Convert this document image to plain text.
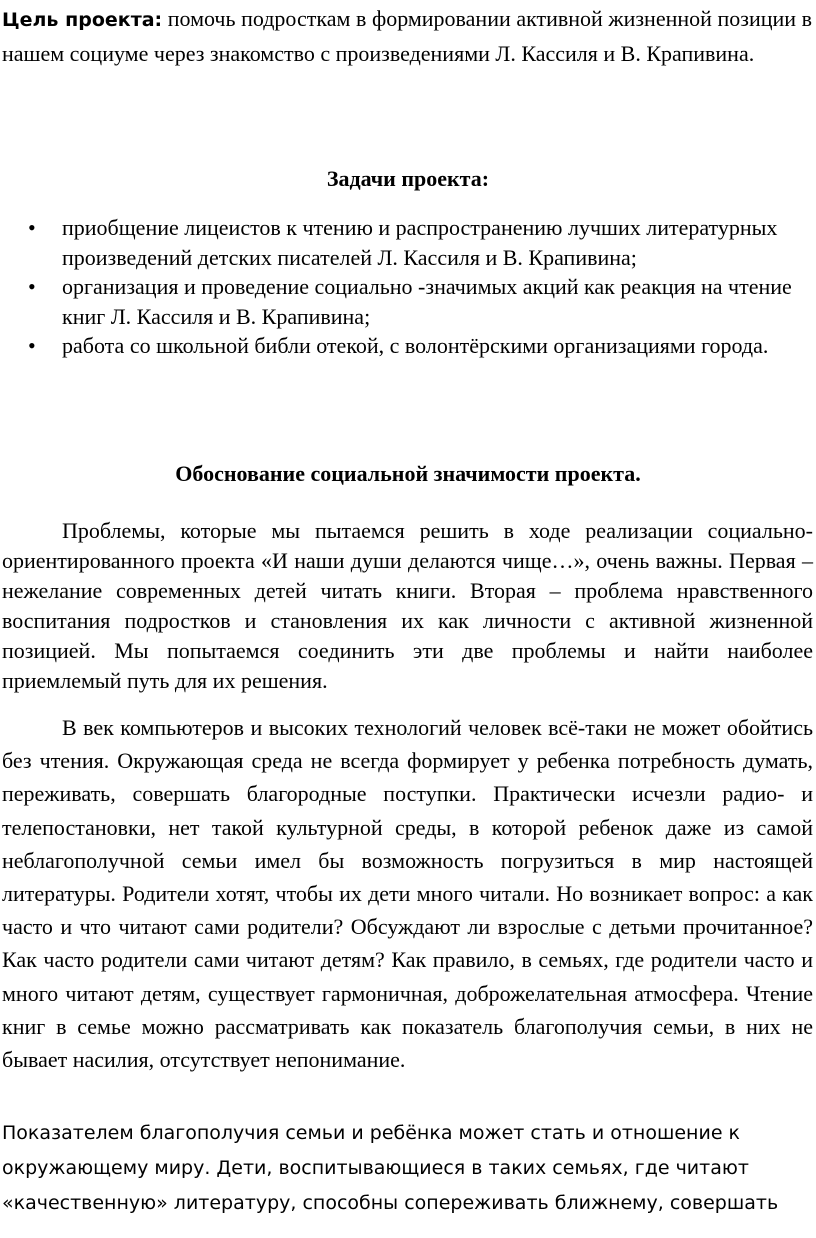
Цель проекта: помочь подросткам в формировании активной жизненной позиции в нашем социуме через знакомство с произведениями Л. Кассиля и В. Крапивина.

Задачи проекта:
• приобщение лицеистов к чтению и распространению лучших литературных произведений детских писателей Л. Кассиля и В. Крапивина;
• организация и проведение социально -значимых акций как реакция на чтение книг Л. Кассиля и В. Крапивина;
• работа со школьной библи отекой, с волонтёрскими организациями города.
Обоснование социальной значимости проекта.

Проблемы, которые мы пытаемся решить в ходе реализации социально-ориентированного проекта «И наши души делаются чище…», очень важны. Первая – нежелание современных детей читать книги. Вторая – проблема нравственного воспитания подростков и становления их как личности с активной жизненной позицией. Мы попытаемся соединить эти две проблемы и найти наиболее приемлемый путь для их решения.

В век компьютеров и высоких технологий человек всё-таки не может обойтись без чтения. Окружающая среда не всегда формирует у ребенка потребность думать, переживать, совершать благородные поступки. Практически исчезли радио- и телепостановки, нет такой культурной среды, в которой ребенок даже из самой неблагополучной семьи имел бы возможность погрузиться в мир настоящей литературы. Родители хотят, чтобы их дети много читали. Но возникает вопрос: а как часто и что читают сами родители? Обсуждают ли взрослые с детьми прочитанное? Как часто родители сами читают детям? Как правило, в семьях, где родители часто и много читают детям, существует гармоничная, доброжелательная атмосфера. Чтение книг в семье можно рассматривать как показатель благополучия семьи, в них не бывает насилия, отсутствует непонимание.

Показателем благополучия семьи и ребёнка может стать и отношение к окружающему миру. Дети, воспитывающиеся в таких семьях, где читают «качественную» литературу, способны сопереживать ближнему, совершать
